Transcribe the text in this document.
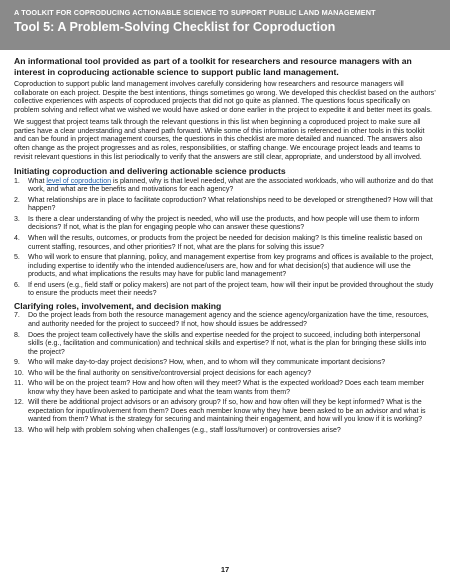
A TOOLKIT FOR COPRODUCING ACTIONABLE SCIENCE TO SUPPORT PUBLIC LAND MANAGEMENT
Tool 5: A Problem-Solving Checklist for Coproduction

An informational tool provided as part of a toolkit for researchers and resource managers with an interest in coproducing actionable science to support public land management.

Coproduction to support public land management involves carefully considering how researchers and resource managers will collaborate on each project. Despite the best intentions, things sometimes go wrong. We developed this checklist based on the authors’ collective experiences with aspects of coproduced projects that did not go quite as planned. The questions focus specifically on problem solving and reflect what we wished we would have asked or done earlier in the project to expedite it and better meet its goals.

We suggest that project teams talk through the relevant questions in this list when beginning a coproduced project to make sure all parties have a clear understanding and shared path forward. While some of this information is referenced in other tools in this toolkit and can be found in project management courses, the questions in this checklist are more detailed and nuanced. The answers also often change as the project progresses and as roles, responsibilities, or staffing change. We encourage project leads and teams to revisit relevant questions in this list periodically to verify that the answers are still clear, appropriate, and understood by all involved.

Initiating coproduction and delivering actionable science products
1. What level of coproduction is planned, why is that level needed, what are the associated workloads, who will authorize and do that work, and what are the benefits and motivations for each agency?
2. What relationships are in place to facilitate coproduction? What relationships need to be developed or strengthened? How will that happen?
3. Is there a clear understanding of why the project is needed, who will use the products, and how people will use them to inform decisions? If not, what is the plan for engaging people who can answer these questions?
4. When will the results, outcomes, or products from the project be needed for decision making? Is this timeline realistic based on current staffing, resources, and other priorities? If not, what are the plans for solving this issue?
5. Who will work to ensure that planning, policy, and management expertise from key programs and offices is available to the project, including expertise to identify who the intended audience/users are, how and for what decision(s) that audience will use the products, and what implications the results may have for public land management?
6. If end users (e.g., field staff or policy makers) are not part of the project team, how will their input be provided throughout the study to ensure the products meet their needs?
Clarifying roles, involvement, and decision making
7. Do the project leads from both the resource management agency and the science agency/organization have the time, resources, and authority needed for the project to succeed? If not, how should issues be addressed?
8. Does the project team collectively have the skills and expertise needed for the project to succeed, including both interpersonal skills (e.g., facilitation and communication) and technical skills and expertise? If not, what is the plan for bringing these skills into the project?
9. Who will make day-to-day project decisions? How, when, and to whom will they communicate important decisions?
10. Who will be the final authority on sensitive/controversial project decisions for each agency?
11. Who will be on the project team? How and how often will they meet? What is the expected workload? Does each team member know why they have been asked to participate and what the team wants from them?
12. Will there be additional project advisors or an advisory group? If so, how and how often will they be kept informed? What is the expectation for input/involvement from them? Does each member know why they have been asked to be an advisor and what is wanted from them? What is the strategy for securing and maintaining their engagement, and how will you know if it is working?
13. Who will help with problem solving when challenges (e.g., staff loss/turnover) or controversies arise?
17
